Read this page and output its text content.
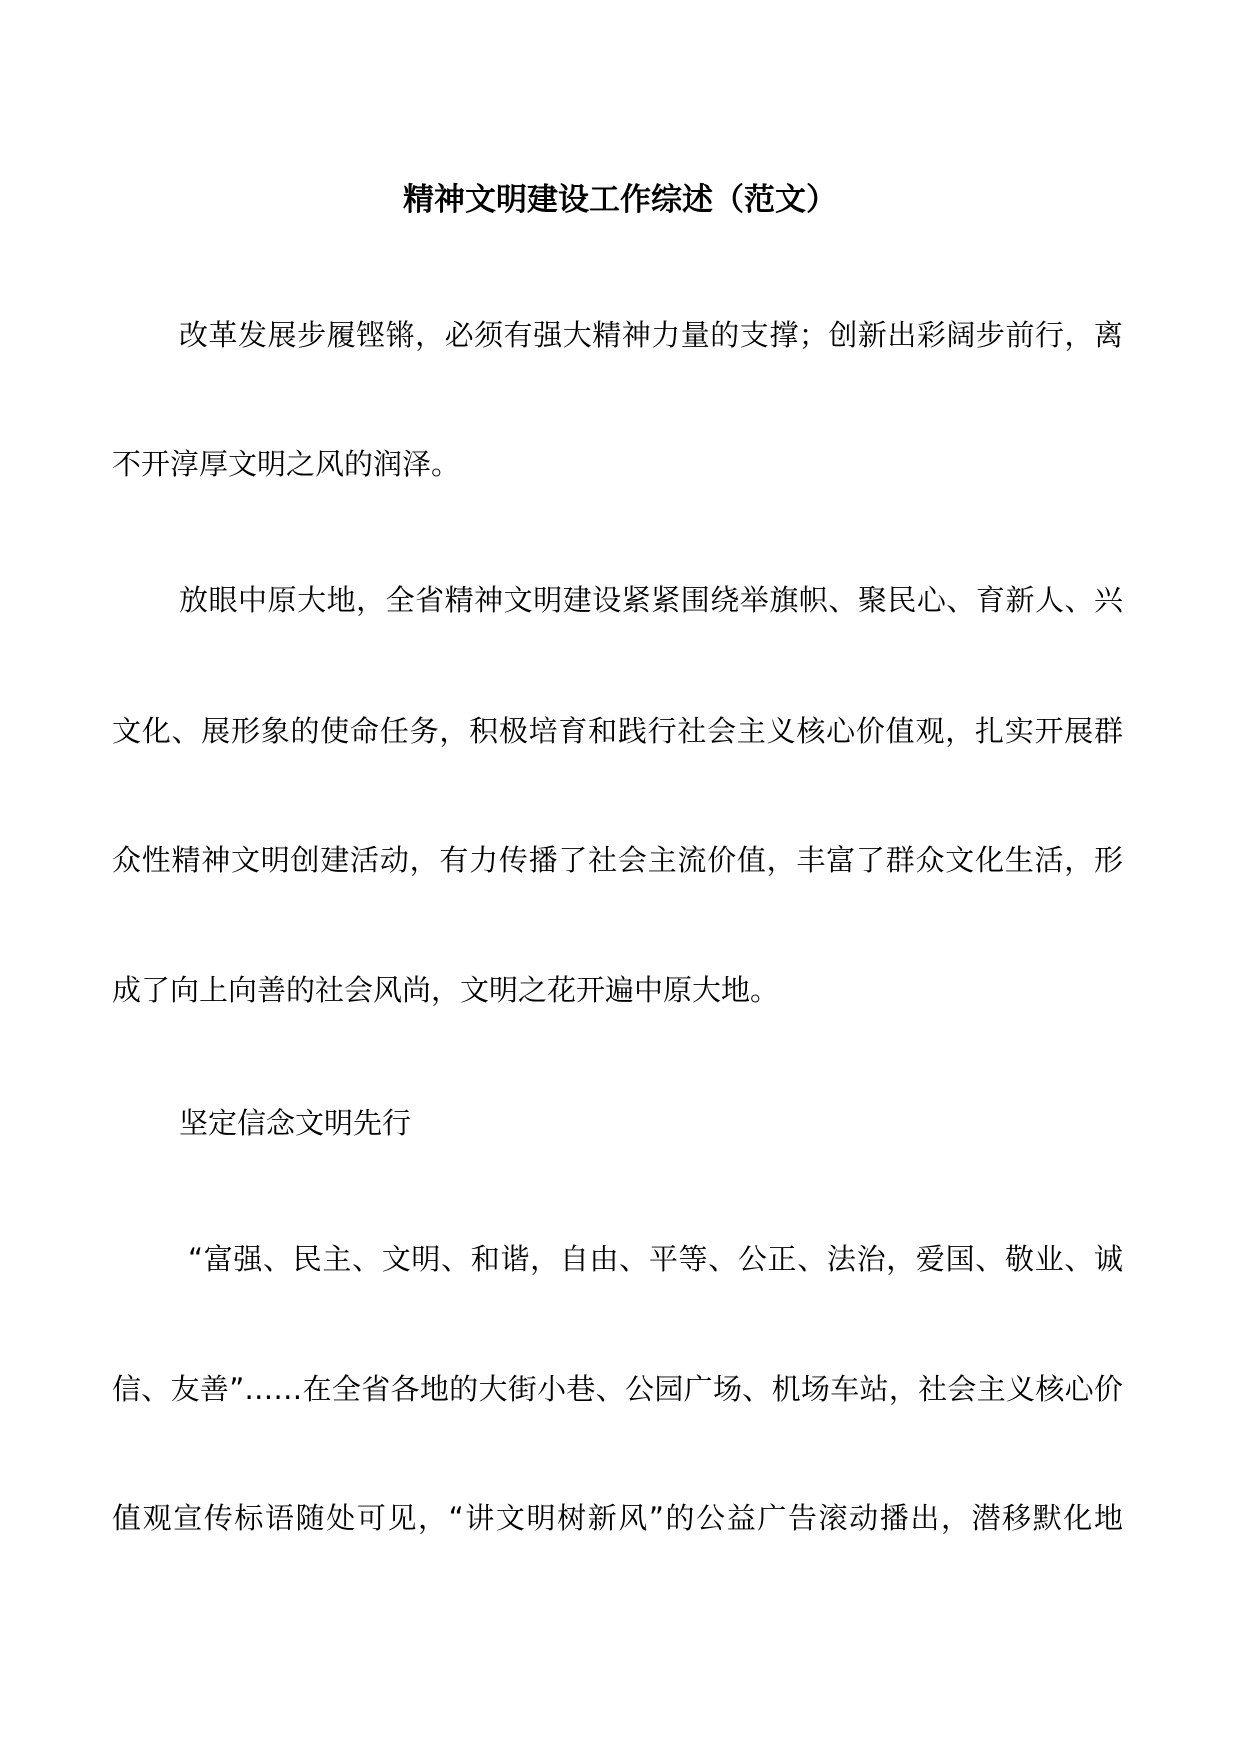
精神文明建设工作综述（范文）
改革发展步履铿锵，必须有强大精神力量的支撑；创新出彩阔步前行，离
不开淳厚文明之风的润泽。
放眼中原大地，全省精神文明建设紧紧围绕举旗帜、聚民心、育新人、兴
文化、展形象的使命任务，积极培育和践行社会主义核心价值观，扎实开展群
众性精神文明创建活动，有力传播了社会主流价值，丰富了群众文化生活，形
成了向上向善的社会风尚，文明之花开遍中原大地。
坚定信念文明先行
“富强、民主、文明、和谐，自由、平等、公正、法治，爱国、敬业、诚
信、友善”……在全省各地的大街小巷、公园广场、机场车站，社会主义核心价
值观宣传标语随处可见，“讲文明树新风”的公益广告滚动播出，潜移默化地
